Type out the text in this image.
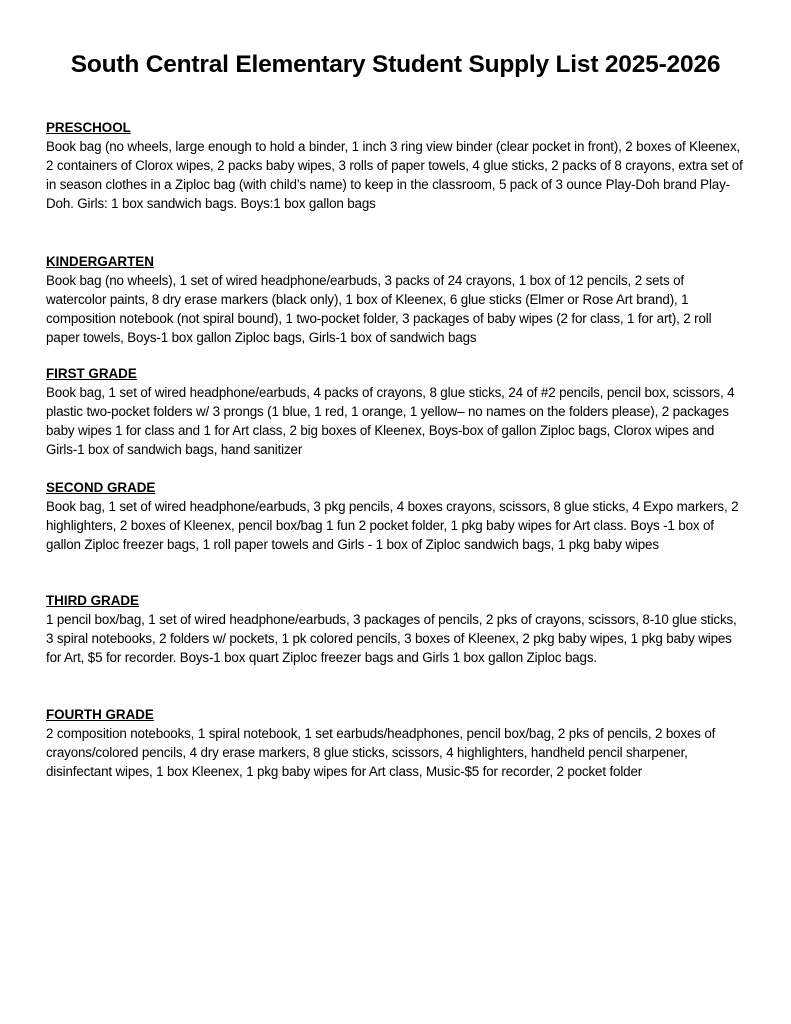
South Central Elementary Student Supply List 2025-2026

PRESCHOOL

Book bag (no wheels, large enough to hold a binder, 1 inch 3 ring view binder (clear pocket in front), 2 boxes of Kleenex, 2 containers of Clorox wipes, 2 packs baby wipes, 3 rolls of paper towels, 4 glue sticks, 2 packs of 8 crayons, extra set of in season clothes in a Ziploc bag (with child’s name) to keep in the classroom, 5 pack of 3 ounce Play-Doh brand Play-Doh. Girls: 1 box sandwich bags. Boys:1 box gallon bags

KINDERGARTEN

Book bag (no wheels), 1 set of wired headphone/earbuds, 3 packs of 24 crayons, 1 box of 12 pencils, 2 sets of watercolor paints, 8 dry erase markers (black only), 1 box of Kleenex, 6 glue sticks (Elmer or Rose Art brand), 1 composition notebook (not spiral bound), 1 two-pocket folder, 3 packages of baby wipes (2 for class, 1 for art), 2 roll paper towels, Boys-1 box gallon Ziploc bags, Girls-1 box of sandwich bags

FIRST GRADE

Book bag, 1 set of wired headphone/earbuds, 4 packs of crayons, 8 glue sticks, 24 of #2 pencils, pencil box, scissors, 4 plastic two-pocket folders w/ 3 prongs (1 blue, 1 red, 1 orange, 1 yellow– no names on the folders please), 2 packages baby wipes 1 for class and 1 for Art class, 2 big boxes of Kleenex, Boys-box of gallon Ziploc bags, Clorox wipes and Girls-1 box of sandwich bags, hand sanitizer

SECOND GRADE

Book bag, 1 set of wired headphone/earbuds, 3 pkg pencils, 4 boxes crayons, scissors, 8 glue sticks, 4 Expo markers, 2 highlighters, 2 boxes of Kleenex, pencil box/bag 1 fun 2 pocket folder, 1 pkg baby wipes for Art class. Boys -1 box of gallon Ziploc freezer bags, 1 roll paper towels and Girls - 1 box of Ziploc sandwich bags, 1 pkg baby wipes

THIRD GRADE

1 pencil box/bag, 1 set of wired headphone/earbuds, 3 packages of pencils, 2 pks of crayons, scissors, 8-10 glue sticks, 3 spiral notebooks, 2 folders w/ pockets, 1 pk colored pencils, 3 boxes of Kleenex, 2 pkg baby wipes, 1 pkg baby wipes for Art, $5 for recorder. Boys-1 box quart Ziploc freezer bags and Girls 1 box gallon Ziploc bags.

FOURTH GRADE

2 composition notebooks, 1 spiral notebook, 1 set earbuds/headphones, pencil box/bag, 2 pks of pencils, 2 boxes of crayons/colored pencils, 4 dry erase markers, 8 glue sticks, scissors, 4 highlighters, handheld pencil sharpener, disinfectant wipes, 1 box Kleenex, 1 pkg baby wipes for Art class, Music-$5 for recorder, 2 pocket folder
